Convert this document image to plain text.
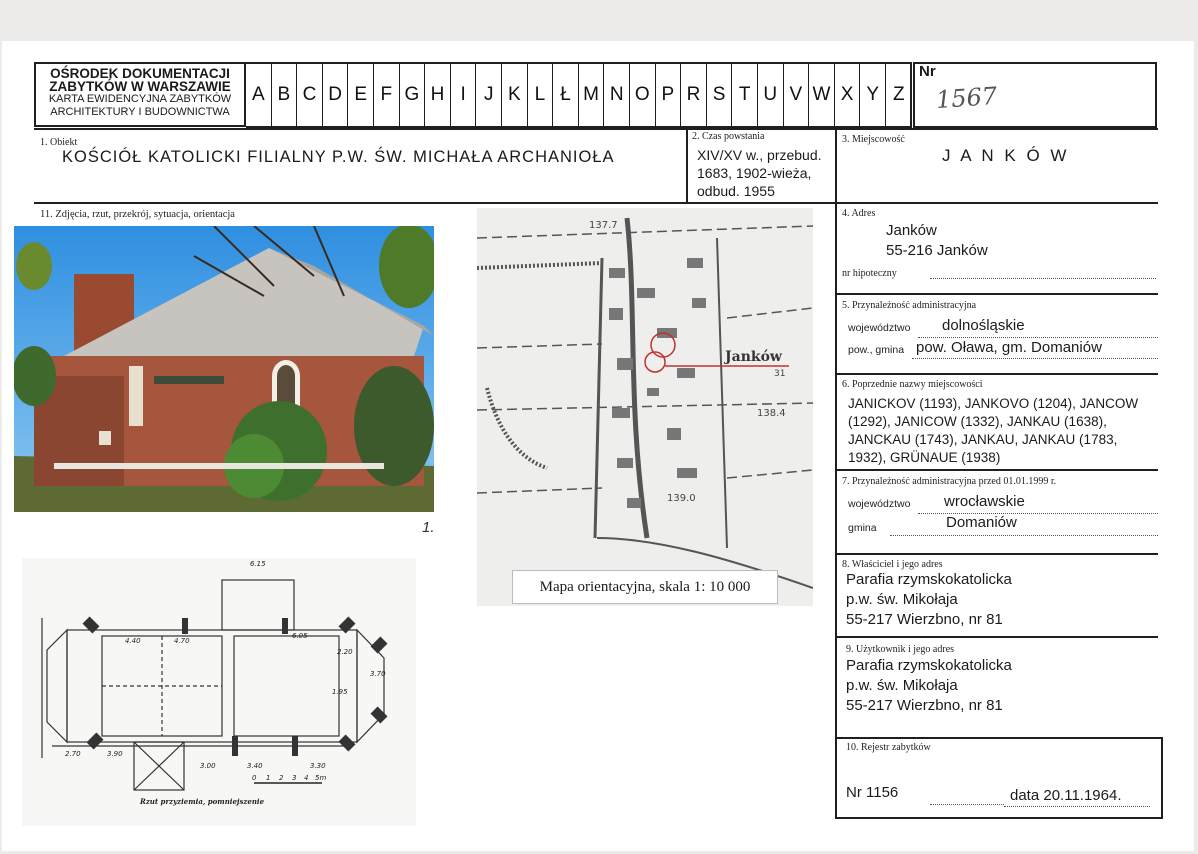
OŚRODEK DOKUMENTACJI
ZABYTKÓW W WARSZAWIE
KARTA EWIDENCYJNA ZABYTKÓW
ARCHITEKTURY I BUDOWNICTWA
A B C D E F G H I J K L Ł M N O P R S T U V W X Y Z
Nr
1567
1. Obiekt
KOŚCIÓŁ KATOLICKI FILIALNY P.W. ŚW. MICHAŁA ARCHANIOŁA
2. Czas powstania
XIV/XV w., przebud.
1683, 1902-wieża,
odbud. 1955
3. Miejscowość
J A N K Ó W
4. Adres
Janków
55-216 Janków
nr hipoteczny
5. Przynależność administracyjna
województwo dolnośląskie
pow., gmina pow. Oława, gm. Domaniów
6. Poprzednie nazwy miejscowości
JANICKOV (1193), JANKOVO (1204), JANCOW
(1292), JANICOW (1332), JANKAU (1638),
JANCKAU (1743), JANKAU, JANKAU (1783,
1932), GRÜNAUE (1938)
7. Przynależność administracyjna przed 01.01.1999 r.
województwo wrocławskie
gmina	Domaniów
8. Właściciel i jego adres
Parafia rzymskokatolicka
p.w. św. Mikołaja
55-217 Wierzbno, nr 81
9. Użytkownik i jego adres
Parafia rzymskokatolicka
p.w. św. Mikołaja
55-217 Wierzbno, nr 81
10. Rejestr zabytków
Nr 1156	data 20.11.1964.
11. Zdjęcia, rzut, przekrój, sytuacja, orientacja
1.
Janków
137.7
138.4
139.0
31
Mapa orientacyjna, skala 1: 10 000
4.40	4.70
6.05
2.70	3.90
3.00	3.40	3.30
2.20
3.70
1.95
6.15
0 1 2 3 4 5m
Rzut przyziemia, pomniejszenie
